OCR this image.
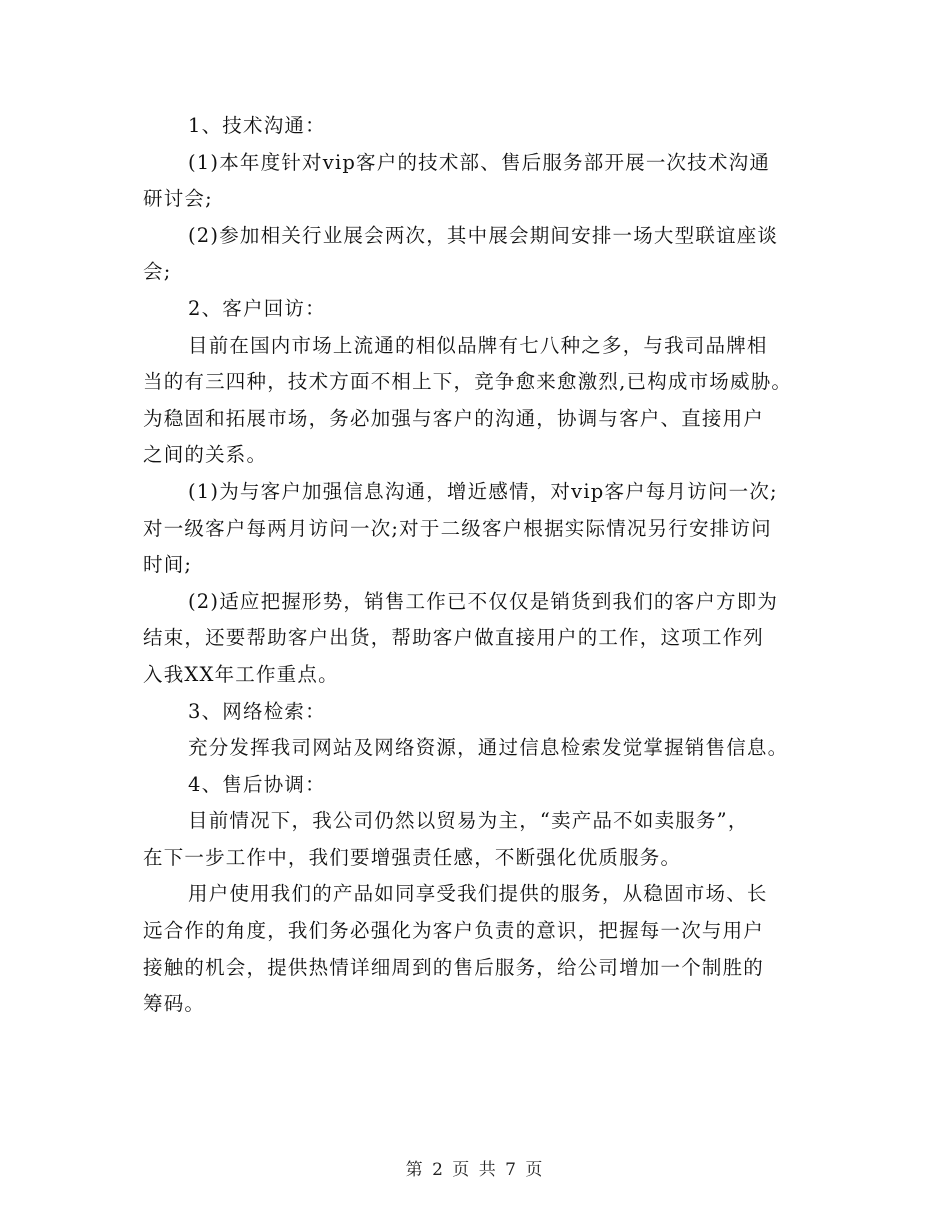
1、技术沟通：
(1)本年度针对vip客户的技术部、售后服务部开展一次技术沟通
研讨会;
(2)参加相关行业展会两次，其中展会期间安排一场大型联谊座谈
会;
2、客户回访：
目前在国内市场上流通的相似品牌有七八种之多，与我司品牌相
当的有三四种，技术方面不相上下，竞争愈来愈激烈,已构成市场威胁。
为稳固和拓展市场，务必加强与客户的沟通，协调与客户、直接用户
之间的关系。
(1)为与客户加强信息沟通，增近感情，对vip客户每月访问一次;
对一级客户每两月访问一次;对于二级客户根据实际情况另行安排访问
时间;
(2)适应把握形势，销售工作已不仅仅是销货到我们的客户方即为
结束，还要帮助客户出货，帮助客户做直接用户的工作，这项工作列
入我XX年工作重点。
3、网络检索：
充分发挥我司网站及网络资源，通过信息检索发觉掌握销售信息。
4、售后协调：
目前情况下，我公司仍然以贸易为主，“卖产品不如卖服务”，
在下一步工作中，我们要增强责任感，不断强化优质服务。
用户使用我们的产品如同享受我们提供的服务，从稳固市场、长
远合作的角度，我们务必强化为客户负责的意识，把握每一次与用户
接触的机会，提供热情详细周到的售后服务，给公司增加一个制胜的
筹码。
第 2 页 共 7 页
